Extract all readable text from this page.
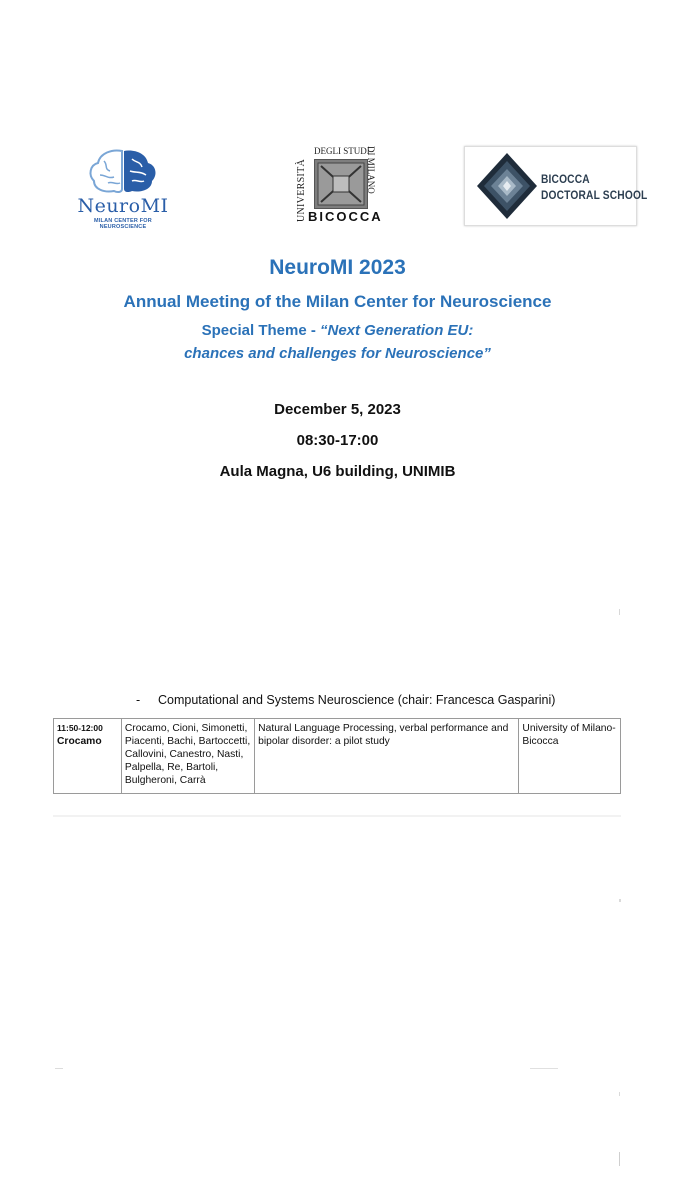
NeuroMI
MILAN CENTER FOR NEUROSCIENCE
UNIVERSITÀ
DEGLI STUDI
DI MILANO
BICOCCA
BICOCCA
DOCTORAL SCHOOL
NeuroMI 2023
Annual Meeting of the Milan Center for Neuroscience
Special Theme - “Next Generation EU:
chances and challenges for Neuroscience”
December 5, 2023
08:30-17:00
Aula Magna, U6 building, UNIMIB
- Computational and Systems Neuroscience (chair: Francesca Gasparini)
11:50-12:00
Crocamo
	Crocamo, Cioni, Simonetti, Piacenti, Bachi, Bartoccetti, Callovini, Canestro, Nasti, Palpella, Re, Bartoli, Bulgheroni, Carrà	Natural Language Processing, verbal performance and bipolar disorder: a pilot study	University of Milano-Bicocca
